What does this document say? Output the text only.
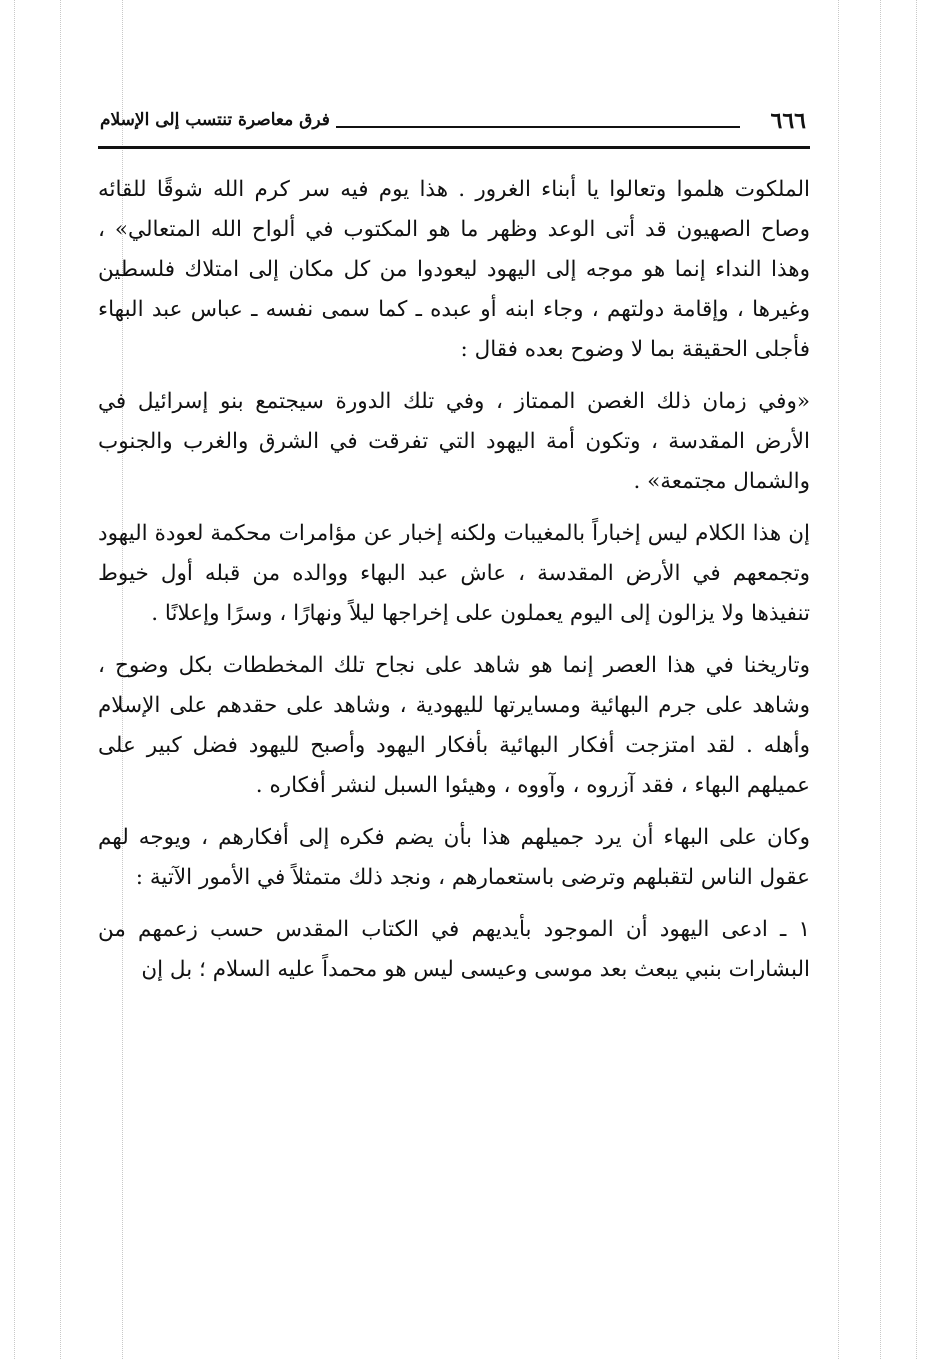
٦٦٦
فرق معاصرة تنتسب إلى الإسلام

الملكوت هلموا وتعالوا يا أبناء الغرور . هذا يوم فيه سر كرم الله شوقًا للقائه وصاح الصهيون قد أتى الوعد وظهر ما هو المكتوب في ألواح الله المتعالي» ، وهذا النداء إنما هو موجه إلى اليهود ليعودوا من كل مكان إلى امتلاك فلسطين وغيرها ، وإقامة دولتهم ، وجاء ابنه أو عبده ـ كما سمى نفسه ـ عباس عبد البهاء فأجلى الحقيقة بما لا وضوح بعده فقال :

«وفي زمان ذلك الغصن الممتاز ، وفي تلك الدورة سيجتمع بنو إسرائيل في الأرض المقدسة ، وتكون أمة اليهود التي تفرقت في الشرق والغرب والجنوب والشمال مجتمعة» .

إن هذا الكلام ليس إخباراً بالمغيبات ولكنه إخبار عن مؤامرات محكمة لعودة اليهود وتجمعهم في الأرض المقدسة ، عاش عبد البهاء ووالده من قبله أول خيوط تنفيذها ولا يزالون إلى اليوم يعملون على إخراجها ليلاً ونهارًا ، وسرًا وإعلانًا .

وتاريخنا في هذا العصر إنما هو شاهد على نجاح تلك المخططات بكل وضوح ، وشاهد على جرم البهائية ومسايرتها لليهودية ، وشاهد على حقدهم على الإسلام وأهله . لقد امتزجت أفكار البهائية بأفكار اليهود وأصبح لليهود فضل كبير على عميلهم البهاء ، فقد آزروه ، وآووه ، وهيئوا السبل لنشر أفكاره .

وكان على البهاء أن يرد جميلهم هذا بأن يضم فكره إلى أفكارهم ، ويوجه لهم عقول الناس لتقبلهم وترضى باستعمارهم ، ونجد ذلك متمثلاً في الأمور الآتية :

١ ـ ادعى اليهود أن الموجود بأيديهم في الكتاب المقدس حسب زعمهم من البشارات بنبي يبعث بعد موسى وعيسى ليس هو محمداً عليه السلام ؛ بل إن
